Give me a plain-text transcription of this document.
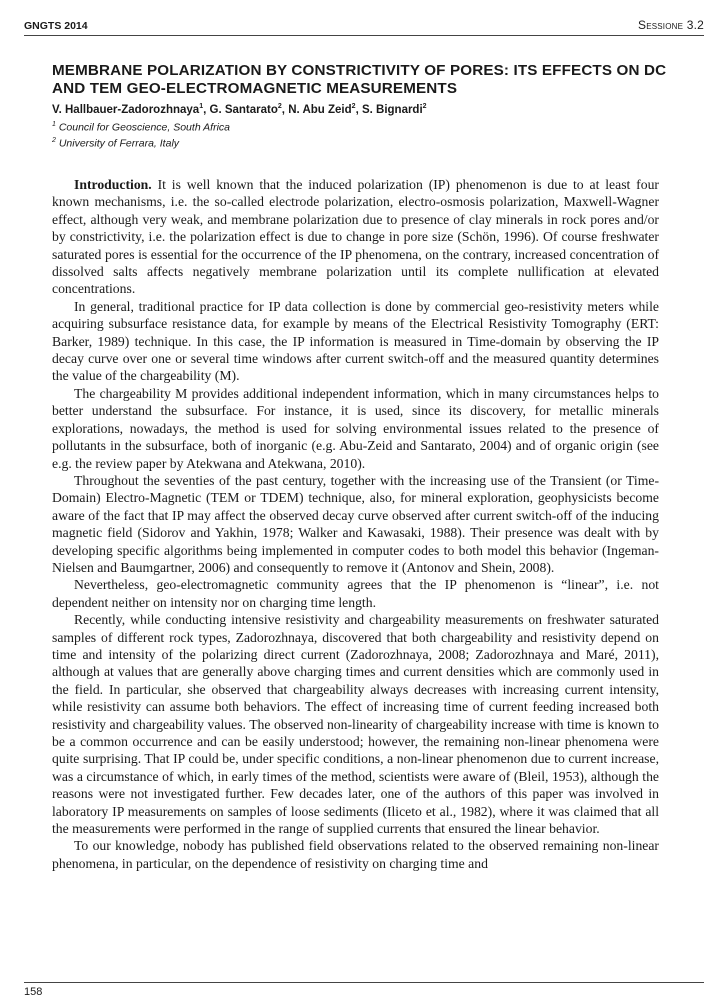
GNGTS 2014	Sessione 3.2
MEMBRANE POLARIZATION BY CONSTRICTIVITY OF PORES: ITS EFFECTS ON DC AND TEM GEO-ELECTROMAGNETIC MEASUREMENTS
V. Hallbauer-Zadorozhnaya$^1$, G. Santarato$^2$, N. Abu Zeid$^2$, S. Bignardi$^2$
$^1$ Council for Geoscience, South Africa
$^2$ University of Ferrara, Italy

Introduction. It is well known that the induced polarization (IP) phenomenon is due to at least four known mechanisms, i.e. the so-called electrode polarization, electro-osmosis polarization, Maxwell-Wagner effect, although very weak, and membrane polarization due to presence of clay minerals in rock pores and/or by constrictivity, i.e. the polarization effect is due to change in pore size (Schön, 1996). Of course freshwater saturated pores is essential for the occurrence of the IP phenomena, on the contrary, increased concentration of dissolved salts affects negatively membrane polarization until its complete nullification at elevated concentrations.

In general, traditional practice for IP data collection is done by commercial geo-resistivity meters while acquiring subsurface resistance data, for example by means of the Electrical Resistivity Tomography (ERT: Barker, 1989) technique. In this case, the IP information is measured in Time-domain by observing the IP decay curve over one or several time windows after current switch-off and the measured quantity determines the value of the chargeability (M).

The chargeability M provides additional independent information, which in many circumstances helps to better understand the subsurface. For instance, it is used, since its discovery, for metallic minerals explorations, nowadays, the method is used for solving environmental issues related to the presence of pollutants in the subsurface, both of inorganic (e.g. Abu-Zeid and Santarato, 2004) and of organic origin (see e.g. the review paper by Atekwana and Atekwana, 2010).

Throughout the seventies of the past century, together with the increasing use of the Transient (or Time-Domain) Electro-Magnetic (TEM or TDEM) technique, also, for mineral exploration, geophysicists become aware of the fact that IP may affect the observed decay curve observed after current switch-off of the inducing magnetic field (Sidorov and Yakhin, 1978; Walker and Kawasaki, 1988). Their presence was dealt with by developing specific algorithms being implemented in computer codes to both model this behavior (Ingeman-Nielsen and Baumgartner, 2006) and consequently to remove it (Antonov and Shein, 2008).

Nevertheless, geo-electromagnetic community agrees that the IP phenomenon is “linear”, i.e. not dependent neither on intensity nor on charging time length.

Recently, while conducting intensive resistivity and chargeability measurements on freshwater saturated samples of different rock types, Zadorozhnaya, discovered that both chargeability and resistivity depend on time and intensity of the polarizing direct current (Zadorozhnaya, 2008; Zadorozhnaya and Maré, 2011), although at values that are generally above charging times and current densities which are commonly used in the field. In particular, she observed that chargeability always decreases with increasing current intensity, while resistivity can assume both behaviors. The effect of increasing time of current feeding increased both resistivity and chargeability values. The observed non-linearity of chargeability increase with time is known to be a common occurrence and can be easily understood; however, the remaining non-linear phenomena were quite surprising. That IP could be, under specific conditions, a non-linear phenomenon due to current increase, was a circumstance of which, in early times of the method, scientists were aware of (Bleil, 1953), although the reasons were not investigated further. Few decades later, one of the authors of this paper was involved in laboratory IP measurements on samples of loose sediments (Iliceto et al., 1982), where it was claimed that all the measurements were performed in the range of supplied currents that ensured the linear behavior.

To our knowledge, nobody has published field observations related to the observed remaining non-linear phenomena, in particular, on the dependence of resistivity on charging time and

158
